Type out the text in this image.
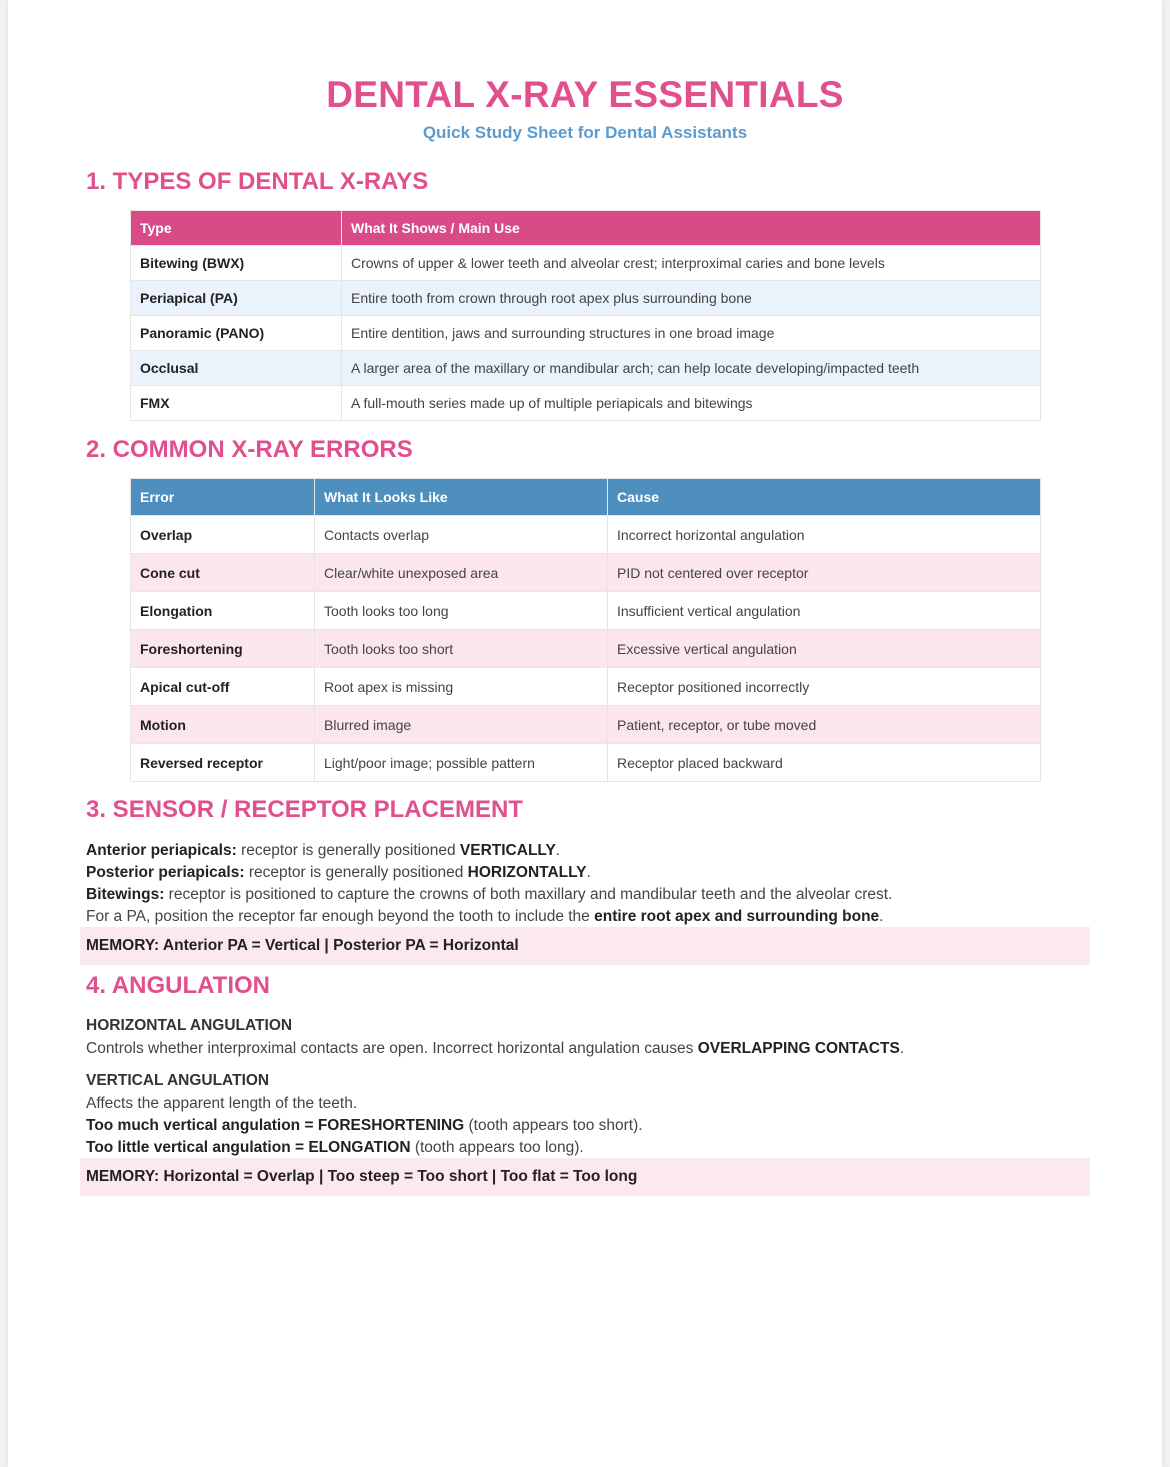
DENTAL X-RAY ESSENTIALS
Quick Study Sheet for Dental Assistants
1. TYPES OF DENTAL X-RAYS
Type	What It Shows / Main Use
Bitewing (BWX)	Crowns of upper & lower teeth and alveolar crest; interproximal caries and bone levels
Periapical (PA)	Entire tooth from crown through root apex plus surrounding bone
Panoramic (PANO)	Entire dentition, jaws and surrounding structures in one broad image
Occlusal	A larger area of the maxillary or mandibular arch; can help locate developing/impacted teeth
FMX	A full-mouth series made up of multiple periapicals and bitewings
2. COMMON X-RAY ERRORS
Error	What It Looks Like	Cause
Overlap	Contacts overlap	Incorrect horizontal angulation
Cone cut	Clear/white unexposed area	PID not centered over receptor
Elongation	Tooth looks too long	Insufficient vertical angulation
Foreshortening	Tooth looks too short	Excessive vertical angulation
Apical cut-off	Root apex is missing	Receptor positioned incorrectly
Motion	Blurred image	Patient, receptor, or tube moved
Reversed receptor	Light/poor image; possible pattern	Receptor placed backward
3. SENSOR / RECEPTOR PLACEMENT
Anterior periapicals: receptor is generally positioned VERTICALLY.
Posterior periapicals: receptor is generally positioned HORIZONTALLY.
Bitewings: receptor is positioned to capture the crowns of both maxillary and mandibular teeth and the alveolar crest.
For a PA, position the receptor far enough beyond the tooth to include the entire root apex and surrounding bone.
MEMORY: Anterior PA = Vertical | Posterior PA = Horizontal
4. ANGULATION
HORIZONTAL ANGULATION
Controls whether interproximal contacts are open. Incorrect horizontal angulation causes OVERLAPPING CONTACTS.
VERTICAL ANGULATION
Affects the apparent length of the teeth.
Too much vertical angulation = FORESHORTENING (tooth appears too short).
Too little vertical angulation = ELONGATION (tooth appears too long).
MEMORY: Horizontal = Overlap | Too steep = Too short | Too flat = Too long
